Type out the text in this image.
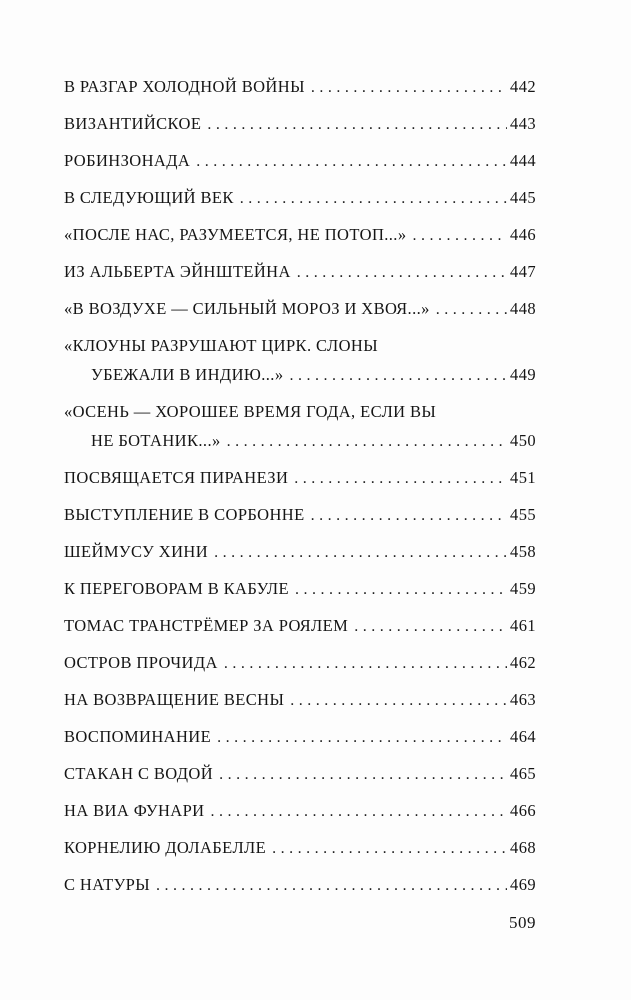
В РАЗГАР ХОЛОДНОЙ ВОЙНЫ .....	442
ВИЗАНТИЙСКОЕ .....	443
РОБИНЗОНАДА .....	444
В СЛЕДУЮЩИЙ ВЕК .....	445
«ПОСЛЕ НАС, РАЗУМЕЕТСЯ, НЕ ПОТОП...» .....	446
ИЗ АЛЬБЕРТА ЭЙНШТЕЙНА .....	447
«В ВОЗДУХЕ — СИЛЬНЫЙ МОРОЗ И ХВОЯ...» .....	448
«КЛОУНЫ РАЗРУШАЮТ ЦИРК. СЛОНЫ
УБЕЖАЛИ В ИНДИЮ...» .....	449
«ОСЕНЬ — ХОРОШЕЕ ВРЕМЯ ГОДА, ЕСЛИ ВЫ
НЕ БОТАНИК...» .....	450
ПОСВЯЩАЕТСЯ ПИРАНЕЗИ .....	451
ВЫСТУПЛЕНИЕ В СОРБОННЕ .....	455
ШЕЙМУСУ ХИНИ .....	458
К ПЕРЕГОВОРАМ В КАБУЛЕ .....	459
ТОМАС ТРАНСТРЁМЕР ЗА РОЯЛЕМ .....	461
ОСТРОВ ПРОЧИДА .....	462
НА ВОЗВРАЩЕНИЕ ВЕСНЫ .....	463
ВОСПОМИНАНИЕ .....	464
СТАКАН С ВОДОЙ .....	465
НА ВИА ФУНАРИ .....	466
КОРНЕЛИЮ ДОЛАБЕЛЛЕ .....	468
С НАТУРЫ .....	469
509
